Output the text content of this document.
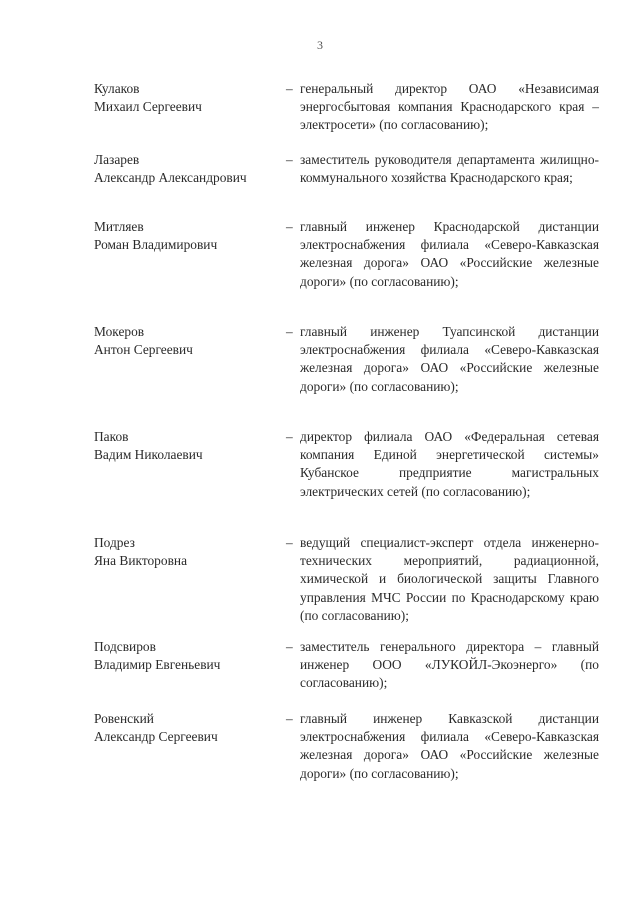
3
Кулаков
Михаил Сергеевич
– генеральный директор ОАО «Независимая энергосбытовая компания Краснодарского края – электросети» (по согласованию);
Лазарев
Александр Александрович
– заместитель руководителя департамента жилищно-коммунального хозяйства Краснодарского края;
Митляев
Роман Владимирович
– главный инженер Краснодарской дистанции электроснабжения филиала «Северо-Кавказская железная дорога» ОАО «Российские железные дороги» (по согласованию);
Мокеров
Антон Сергеевич
– главный инженер Туапсинской дистанции электроснабжения филиала «Северо-Кавказская железная дорога» ОАО «Российские железные дороги» (по согласованию);
Паков
Вадим Николаевич
– директор филиала ОАО «Федеральная сетевая компания Единой энергетической системы» Кубанское предприятие магистральных электрических сетей (по согласованию);
Подрез
Яна Викторовна
– ведущий специалист-эксперт отдела инженерно-технических мероприятий, радиационной, химической и биологической защиты Главного управления МЧС России по Краснодарскому краю (по согласованию);
Подсвиров
Владимир Евгеньевич
– заместитель генерального директора – главный инженер ООО «ЛУКОЙЛ-Экоэнерго» (по согласованию);
Ровенский
Александр Сергеевич
– главный инженер Кавказской дистанции электроснабжения филиала «Северо-Кавказская железная дорога» ОАО «Российские железные дороги» (по согласованию);
